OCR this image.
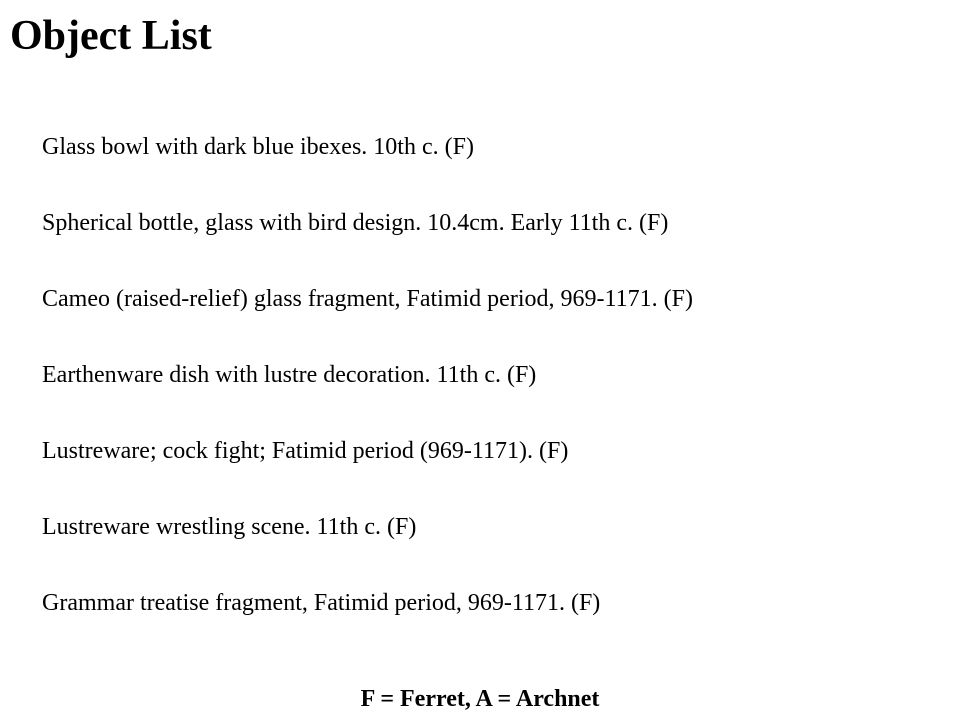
Object List
Glass bowl with dark blue ibexes. 10th c. (F)
Spherical bottle, glass with bird design. 10.4cm. Early 11th c. (F)
Cameo (raised-relief) glass fragment, Fatimid period, 969-1171. (F)
Earthenware dish with lustre decoration. 11th c. (F)
Lustreware; cock fight; Fatimid period (969-1171). (F)
Lustreware wrestling scene. 11th c. (F)
Grammar treatise fragment, Fatimid period, 969-1171. (F)
F = Ferret, A = Archnet
